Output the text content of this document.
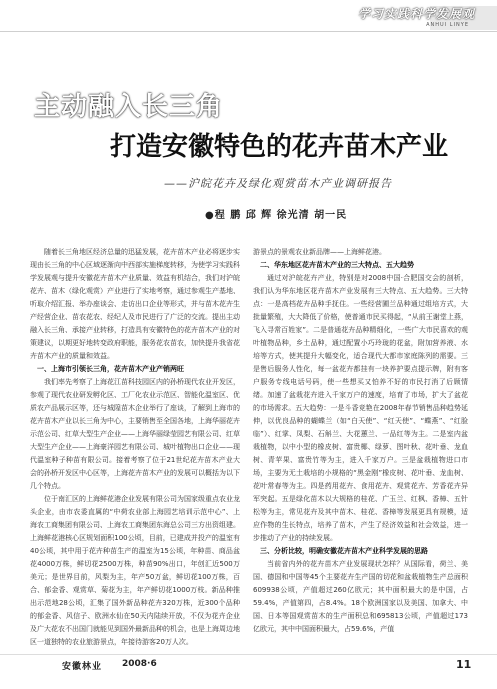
学习实践科学发展观
ANHUI LINYE
主动融入长三角
打造安徽特色的花卉苗木产业
——沪皖花卉及绿化观赏苗木产业调研报告
●程 鹏 邱 辉 徐光清 胡一民

随着长三角地区经济总量的迅猛发展，花卉苗木产业必将逐步实现由长三角的中心区域逐渐向中西部实施梯度转移，为使学习实践科学发展观与提升安徽花卉苗木产业质量、效益有机结合，我们对沪皖花卉、苗木（绿化观赏）产业进行了实地考察，通过参观生产基地、听取介绍汇报、举办座谈会、走访出口企业等形式，并与苗木花卉生产经营企业、苗农花农、经纪人及市民进行了广泛的交流。提出主动融入长三角、承接产业转移，打造具有安徽特色的花卉苗木产业的对策建议，以期更好地转变政府职能，服务花农苗农，加快提升我省花卉苗木产业的质量和效益。

一、上海市引领长三角，花卉苗木产业产销两旺

我们率先考察了上海花江苗科技园区内的孙桥现代农业开发区，参观了现代农业研发孵化区、工厂化农业示范区、智能化温室区、优质农产品展示区等，还与城隍苗木企业举行了座谈，了解到上海市的花卉苗木产业以长三角为中心，主要销售至全国各地，上海华丽花卉示范公司、红草大型生产企业——上海华丽绿莹园艺有限公司、红草大型生产企业——上海豪洋园艺有限公司、城叶植物出口企业——现代温室种子种苗有限公司。接着考察了位于21世纪花卉苗木产业大会的孙桥开发区中心区等，上海花卉苗木产业的发展可以概括为以下几个特点。

位于南汇区的上海鲜花港企业发展有限公司为国家级重点农业龙头企业，由市农委直属的“中荷农业部上海园艺培训示范中心”、上海农工商集团有限公司、上海农工商集团东海总公司三方出资组建。上海鲜花港核心区规划面积100公顷，目前，已建成并投产的温室有40公顷，其中用于花卉种苗生产的温室为15公顷，年种苗、商品盆花4000万株，鲜切花2500万株，种苗90%出口，年创汇近500万美元；是世界目前，风梨为主，年产50万盆，鲜切花100万株，百合、郁金香、观赏草、菊花为主，年产鲜切花1000万枝。新品种推出示范地28公顷，汇集了国外新品种花卉320万株，近300个品种的郁金香、风信子、欧洲水仙在50天内陆续开放，不仅为花卉企业及广大花农不出国门就能见到国外最新品种的机会，也是上海周边地区一道独特的农业旅游景点，年接待游客20万人次。

游景点的景观农业新品牌——上海鲜花港。

二、华东地区花卉苗木产业的三大特点、五大趋势

通过对沪皖花卉产业，特别是对2008中国·合肥国交会的剖析，我们认为华东地区花卉苗木产业发展有三大特点、五大趋势。三大特点：一是高档花卉品种手抚住。一些经营圃兰品种通过组培方式，大批量繁殖，大大降低了价格，使普通市民买得起，“从前王谢堂上燕，飞入寻常百姓家”。二是普通花卉品种精细化，一些广大市民喜欢的观叶植物品种，乡土品种，通过配置小巧玲珑的花盆，附加营养液、水培等方式，使其提升大幅变化，适合现代大都市家庭陈列的需要。三是售后服务人性化，每一盆花卉都挂有一块养护要点提示牌，附有客户服务专线电话号码，使一些想买又怕养不好的市民打消了后顾情绪。加速了盆栽花卉进入千家万户的速度，培育了市场，扩大了盆花的市场需求。五大趋势：一是斗香竞艳在2008年春节销售品种趋势延伸，以优良品种的蝴蝶兰（如“白天使”、“红天使”、“蝶燕”、“红脸临”）、红掌、凤梨、石斛兰、大花蕙兰、一品红等为主。二是室内盆栽植物，以中小型的橡皮树、富贵椰、绿萝、图叶秋、花叶垂、龙血树、青苹果、富贵竹等为主，进入千家万户。三是盆栽植物进口市场，主要为无土栽培的小规格的“黑金刚”橡皮树、花叶垂、龙血树、花叶常春等为主。四是药用花卉、食用花卉、观赏花卉、芳香花卉异军突起。五是绿化苗木以大规格的桂花、广玉兰、红枫、香樟、五针松等为主，常见花卉及其中苗木、桂花、香樟等发展更具有规模，适应作物的生长特点，培养了苗木，产生了经济效益和社会效益，进一步推动了产业的持续发展。

三、分析比较，明确安徽花卉苗木产业科学发展的思路

当前省内外的花卉苗木产业发展现状怎样？从国际看，荷兰、美国、德国和中国等45个主要花卉生产国的切花和盆栽植物生产总面积609938公顷，产值超过260亿欧元；其中面积最大的是中国，占59.4%，产值第四，占8.4%。18个欧洲国家以及美国、加拿大、中国、日本等国观赏苗木的生产面积总和695813公顷，产值超过173亿欧元，其中中国面积最大，占59.6%，产值

安徽林业 2008·6	11
